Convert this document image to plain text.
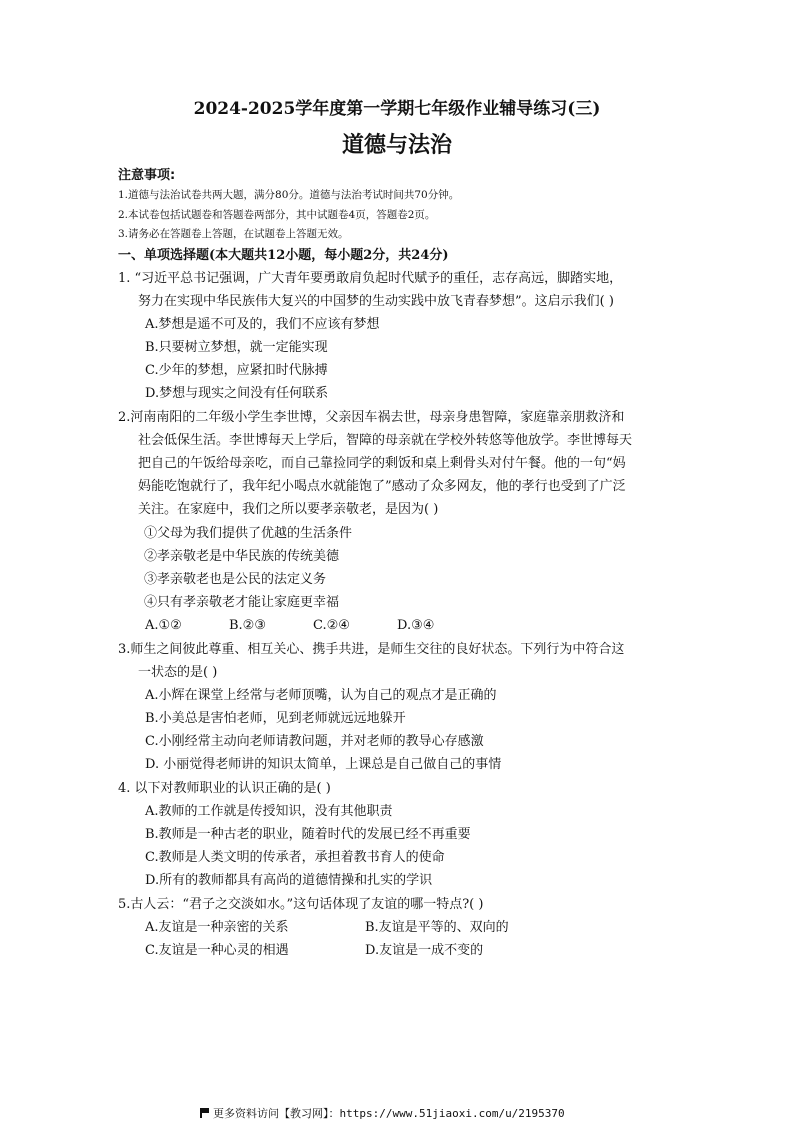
2024-2025学年度第一学期七年级作业辅导练习(三)
道德与法治
注意事项:
1.道德与法治试卷共两大题，满分80分。道德与法治考试时间共70分钟。
2.本试卷包括试题卷和答题卷两部分，其中试题卷4页，答题卷2页。
3.请务必在答题卷上答题，在试题卷上答题无效。
一、单项选择题(本大题共12小题，每小题2分，共24分)
1. “习近平总书记强调，广大青年要勇敢肩负起时代赋予的重任，志存高远，脚踏实地，
努力在实现中华民族伟大复兴的中国梦的生动实践中放飞青春梦想”。这启示我们( )
A.梦想是遥不可及的，我们不应该有梦想
B.只要树立梦想，就一定能实现
C.少年的梦想，应紧扣时代脉搏
D.梦想与现实之间没有任何联系
2.河南南阳的二年级小学生李世博，父亲因车祸去世，母亲身患智障，家庭靠亲朋救济和
社会低保生活。李世博每天上学后，智障的母亲就在学校外转悠等他放学。李世博每天
把自己的午饭给母亲吃，而自己靠捡同学的剩饭和桌上剩骨头对付午餐。他的一句“妈
妈能吃饱就行了，我年纪小喝点水就能饱了”感动了众多网友，他的孝行也受到了广泛
关注。在家庭中，我们之所以要孝亲敬老，是因为( )
①父母为我们提供了优越的生活条件
②孝亲敬老是中华民族的传统美德
③孝亲敬老也是公民的法定义务
④只有孝亲敬老才能让家庭更幸福
A.①②	B.②③	C.②④	D.③④
3.师生之间彼此尊重、相互关心、携手共进，是师生交往的良好状态。下列行为中符合这
一状态的是( )
A.小辉在课堂上经常与老师顶嘴，认为自己的观点才是正确的
B.小美总是害怕老师，见到老师就远远地躲开
C.小刚经常主动向老师请教问题，并对老师的教导心存感激
D. 小丽觉得老师讲的知识太简单，上课总是自己做自己的事情
4. 以下对教师职业的认识正确的是( )
A.教师的工作就是传授知识，没有其他职责
B.教师是一种古老的职业，随着时代的发展已经不再重要
C.教师是人类文明的传承者，承担着教书育人的使命
D.所有的教师都具有高尚的道德情操和扎实的学识
5.古人云：“君子之交淡如水。”这句话体现了友谊的哪一特点?( )
A.友谊是一种亲密的关系	B.友谊是平等的、双向的
C.友谊是一种心灵的相遇	D.友谊是一成不变的
更多资料访问【教习网】：https://www.51jiaoxi.com/u/2195370
